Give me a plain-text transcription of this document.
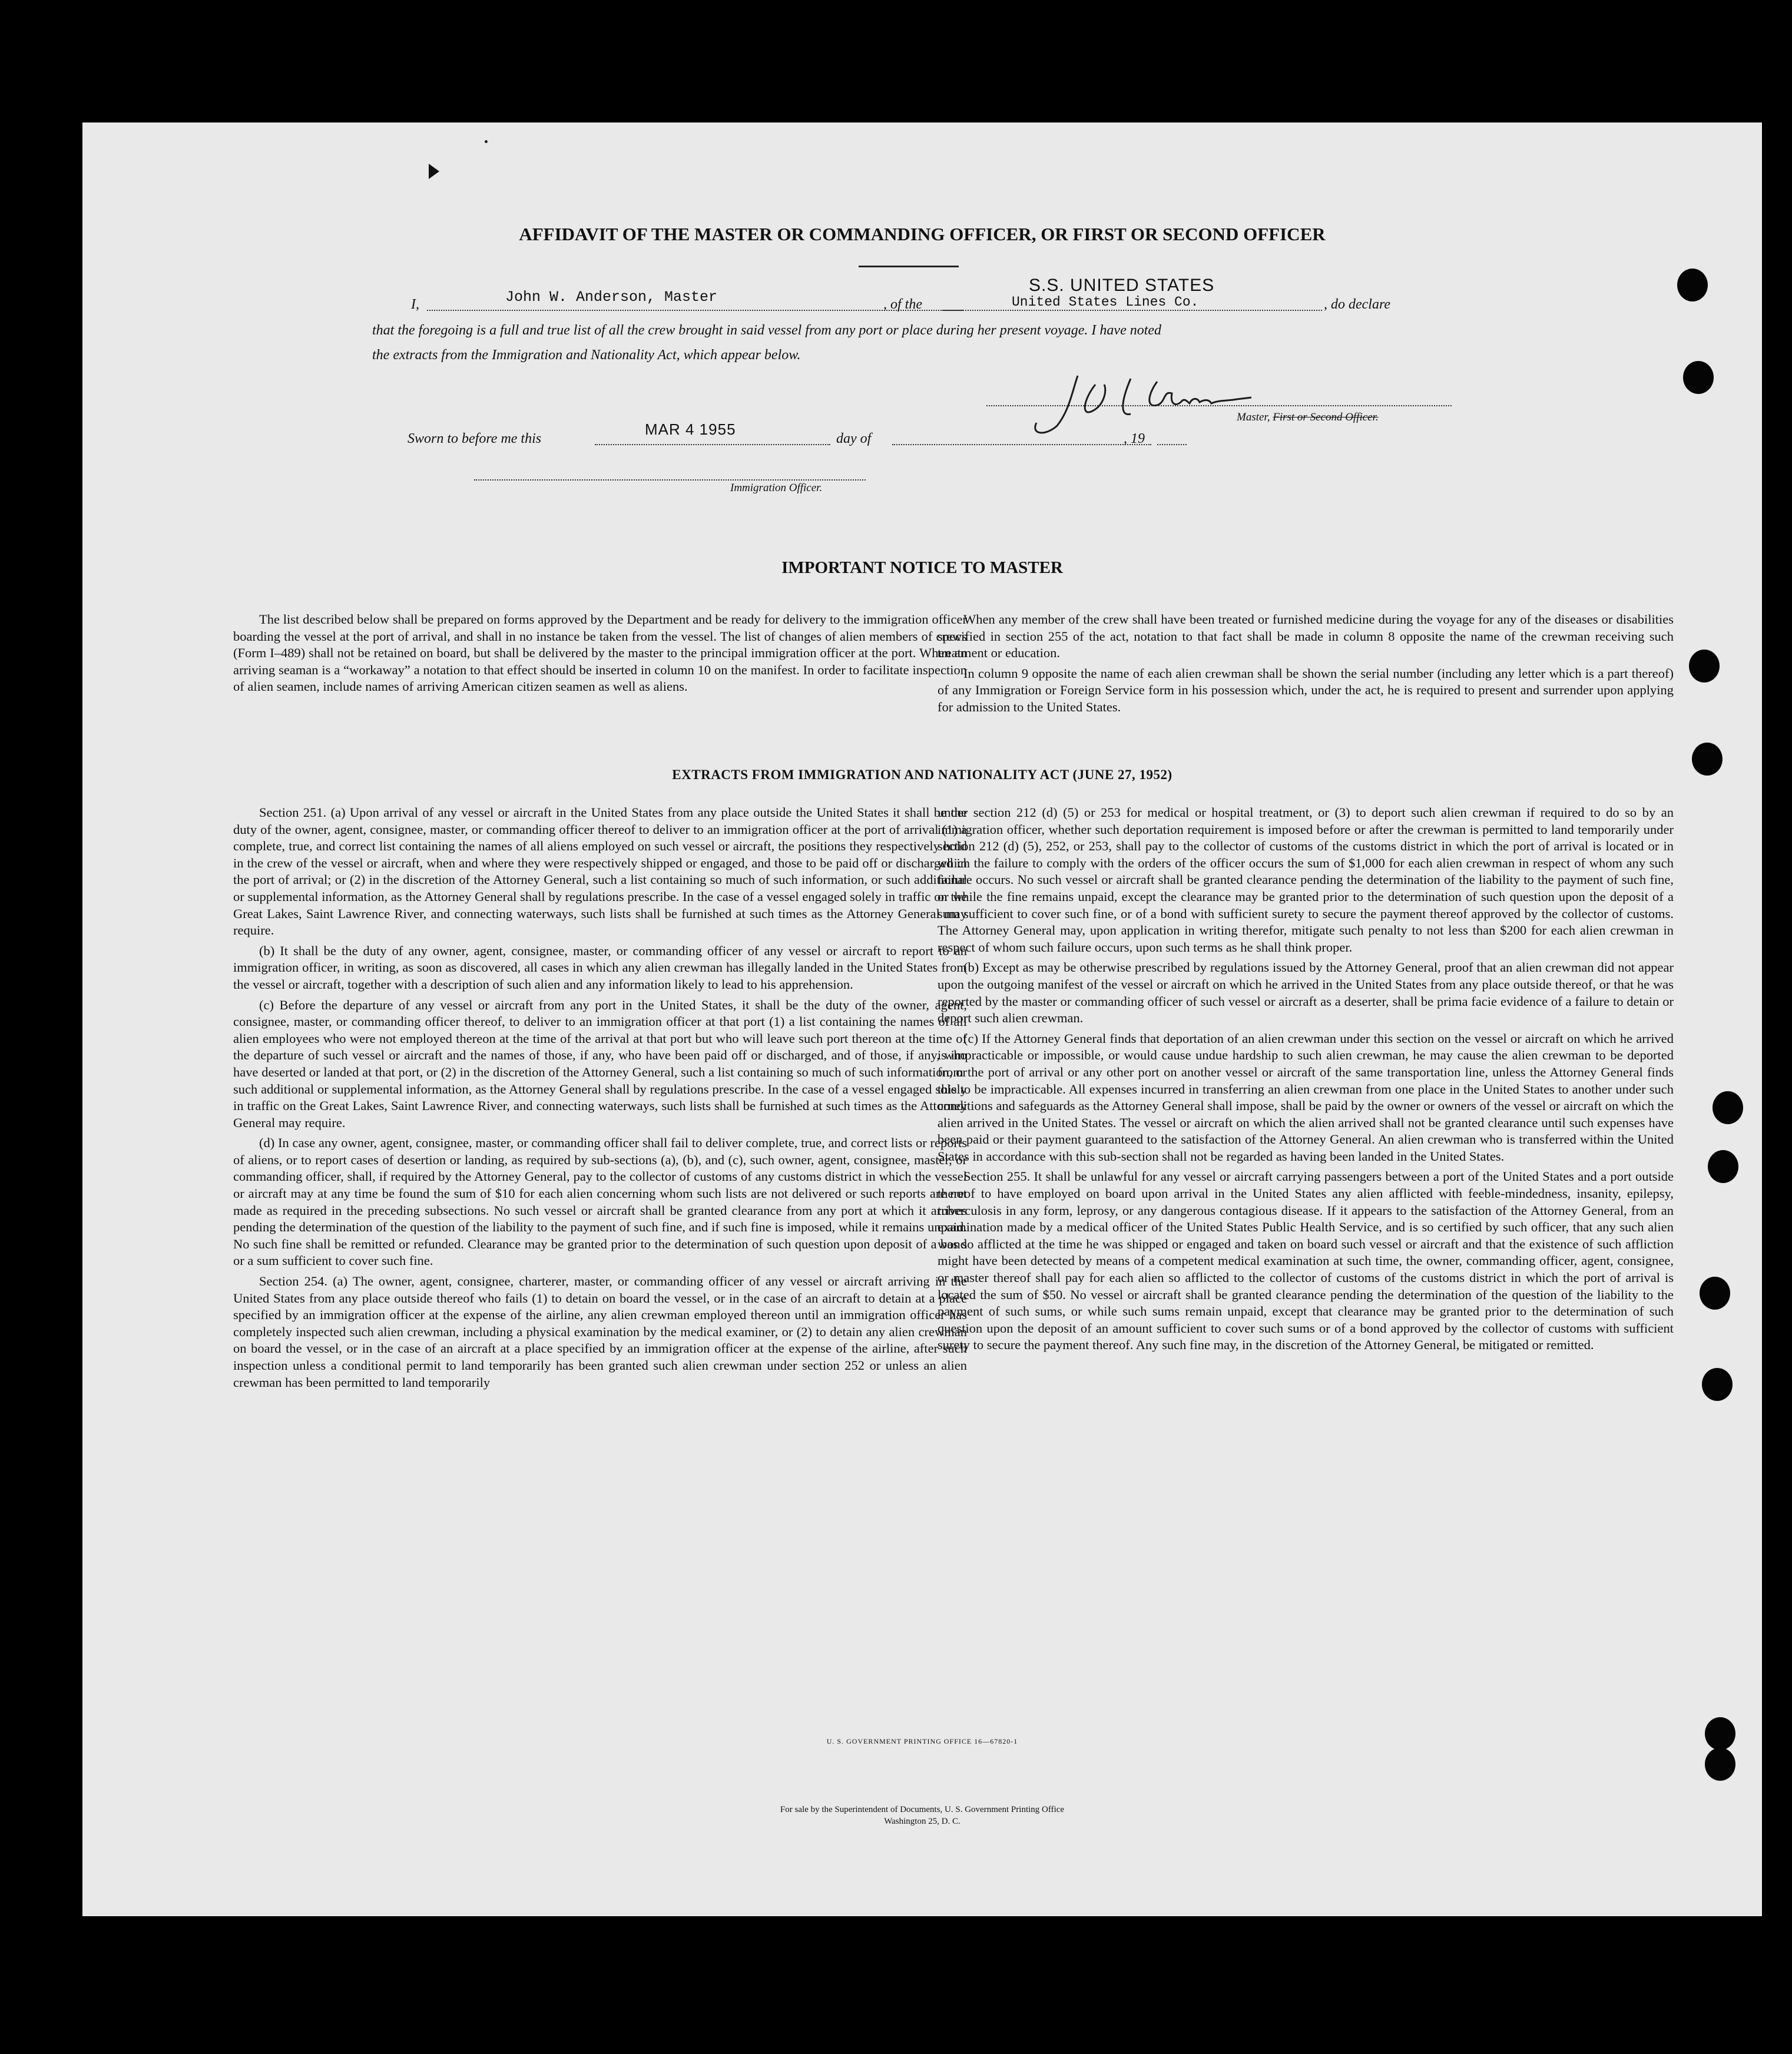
AFFIDAVIT OF THE MASTER OR COMMANDING OFFICER, OR FIRST OR SECOND OFFICER
I,	John W. Anderson, Master	, of the
S.S. UNITED STATES
United States Lines Co.	, do declare
that the foregoing is a full and true list of all the crew brought in said vessel from any port or place during her present voyage. I have noted
the extracts from the Immigration and Nationality Act, which appear below.
Master, First or Second Officer.
Sworn to before me this
MAR 4 1955
day of	, 19
Immigration Officer.
IMPORTANT NOTICE TO MASTER

The list described below shall be prepared on forms approved by the Department and be ready for delivery to the immigration officer boarding the vessel at the port of arrival, and shall in no instance be taken from the vessel. The list of changes of alien members of crews (Form I–489) shall not be retained on board, but shall be delivered by the master to the principal immigration officer at the port. When an arriving seaman is a “workaway” a notation to that effect should be inserted in column 10 on the manifest. In order to facilitate inspection of alien seamen, include names of arriving American citizen seamen as well as aliens.

When any member of the crew shall have been treated or furnished medicine during the voyage for any of the diseases or disabilities specified in section 255 of the act, notation to that fact shall be made in column 8 opposite the name of the crewman receiving such treatment or education.

In column 9 opposite the name of each alien crewman shall be shown the serial number (including any letter which is a part thereof) of any Immigration or Foreign Service form in his possession which, under the act, he is required to present and surrender upon applying for admission to the United States.

EXTRACTS FROM IMMIGRATION AND NATIONALITY ACT (JUNE 27, 1952)

Section 251. (a) Upon arrival of any vessel or aircraft in the United States from any place outside the United States it shall be the duty of the owner, agent, consignee, master, or commanding officer thereof to deliver to an immigration officer at the port of arrival (1) a complete, true, and correct list containing the names of all aliens employed on such vessel or aircraft, the positions they respectively hold in the crew of the vessel or aircraft, when and where they were respectively shipped or engaged, and those to be paid off or discharged in the port of arrival; or (2) in the discretion of the Attorney General, such a list containing so much of such information, or such additional or supplemental information, as the Attorney General shall by regulations prescribe. In the case of a vessel engaged solely in traffic on the Great Lakes, Saint Lawrence River, and connecting waterways, such lists shall be furnished at such times as the Attorney General may require.

(b) It shall be the duty of any owner, agent, consignee, master, or commanding officer of any vessel or aircraft to report to an immigration officer, in writing, as soon as discovered, all cases in which any alien crewman has illegally landed in the United States from the vessel or aircraft, together with a description of such alien and any information likely to lead to his apprehension.

(c) Before the departure of any vessel or aircraft from any port in the United States, it shall be the duty of the owner, agent, consignee, master, or commanding officer thereof, to deliver to an immigration officer at that port (1) a list containing the names of all alien employees who were not employed thereon at the time of the arrival at that port but who will leave such port thereon at the time of the departure of such vessel or aircraft and the names of those, if any, who have been paid off or discharged, and of those, if any, who have deserted or landed at that port, or (2) in the discretion of the Attorney General, such a list containing so much of such information, or such additional or supplemental information, as the Attorney General shall by regulations prescribe. In the case of a vessel engaged solely in traffic on the Great Lakes, Saint Lawrence River, and connecting waterways, such lists shall be furnished at such times as the Attorney General may require.

(d) In case any owner, agent, consignee, master, or commanding officer shall fail to deliver complete, true, and correct lists or reports of aliens, or to report cases of desertion or landing, as required by sub-sections (a), (b), and (c), such owner, agent, consignee, master, or commanding officer, shall, if required by the Attorney General, pay to the collector of customs of any customs district in which the vessel or aircraft may at any time be found the sum of $10 for each alien concerning whom such lists are not delivered or such reports are not made as required in the preceding subsections. No such vessel or aircraft shall be granted clearance from any port at which it arrives pending the determination of the question of the liability to the payment of such fine, and if such fine is imposed, while it remains unpaid. No such fine shall be remitted or refunded. Clearance may be granted prior to the determination of such question upon deposit of a bond or a sum sufficient to cover such fine.

Section 254. (a) The owner, agent, consignee, charterer, master, or commanding officer of any vessel or aircraft arriving in the United States from any place outside thereof who fails (1) to detain on board the vessel, or in the case of an aircraft to detain at a place specified by an immigration officer at the expense of the airline, any alien crewman employed thereon until an immigration officer has completely inspected such alien crewman, including a physical examination by the medical examiner, or (2) to detain any alien crewman on board the vessel, or in the case of an aircraft at a place specified by an immigration officer at the expense of the airline, after such inspection unless a conditional permit to land temporarily has been granted such alien crewman under section 252 or unless an alien crewman has been permitted to land temporarily

under section 212 (d) (5) or 253 for medical or hospital treatment, or (3) to deport such alien crewman if required to do so by an immigration officer, whether such deportation requirement is imposed before or after the crewman is permitted to land temporarily under section 212 (d) (5), 252, or 253, shall pay to the collector of customs of the customs district in which the port of arrival is located or in which the failure to comply with the orders of the officer occurs the sum of $1,000 for each alien crewman in respect of whom any such failure occurs. No such vessel or aircraft shall be granted clearance pending the determination of the liability to the payment of such fine, or while the fine remains unpaid, except the clearance may be granted prior to the determination of such question upon the deposit of a sum sufficient to cover such fine, or of a bond with sufficient surety to secure the payment thereof approved by the collector of customs. The Attorney General may, upon application in writing therefor, mitigate such penalty to not less than $200 for each alien crewman in respect of whom such failure occurs, upon such terms as he shall think proper.

(b) Except as may be otherwise prescribed by regulations issued by the Attorney General, proof that an alien crewman did not appear upon the outgoing manifest of the vessel or aircraft on which he arrived in the United States from any place outside thereof, or that he was reported by the master or commanding officer of such vessel or aircraft as a deserter, shall be prima facie evidence of a failure to detain or deport such alien crewman.

(c) If the Attorney General finds that deportation of an alien crewman under this section on the vessel or aircraft on which he arrived is impracticable or impossible, or would cause undue hardship to such alien crewman, he may cause the alien crewman to be deported from the port of arrival or any other port on another vessel or aircraft of the same transportation line, unless the Attorney General finds this to be impracticable. All expenses incurred in transferring an alien crewman from one place in the United States to another under such conditions and safeguards as the Attorney General shall impose, shall be paid by the owner or owners of the vessel or aircraft on which the alien arrived in the United States. The vessel or aircraft on which the alien arrived shall not be granted clearance until such expenses have been paid or their payment guaranteed to the satisfaction of the Attorney General. An alien crewman who is transferred within the United States in accordance with this sub-section shall not be regarded as having been landed in the United States.

Section 255. It shall be unlawful for any vessel or aircraft carrying passengers between a port of the United States and a port outside thereof to have employed on board upon arrival in the United States any alien afflicted with feeble-mindedness, insanity, epilepsy, tuberculosis in any form, leprosy, or any dangerous contagious disease. If it appears to the satisfaction of the Attorney General, from an examination made by a medical officer of the United States Public Health Service, and is so certified by such officer, that any such alien was so afflicted at the time he was shipped or engaged and taken on board such vessel or aircraft and that the existence of such affliction might have been detected by means of a competent medical examination at such time, the owner, commanding officer, agent, consignee, or master thereof shall pay for each alien so afflicted to the collector of customs of the customs district in which the port of arrival is located the sum of $50. No vessel or aircraft shall be granted clearance pending the determination of the question of the liability to the payment of such sums, or while such sums remain unpaid, except that clearance may be granted prior to the determination of such question upon the deposit of an amount sufficient to cover such sums or of a bond approved by the collector of customs with sufficient surety to secure the payment thereof. Any such fine may, in the discretion of the Attorney General, be mitigated or remitted.

U. S. GOVERNMENT PRINTING OFFICE 16—67820-1
For sale by the Superintendent of Documents, U. S. Government Printing Office
Washington 25, D. C.
